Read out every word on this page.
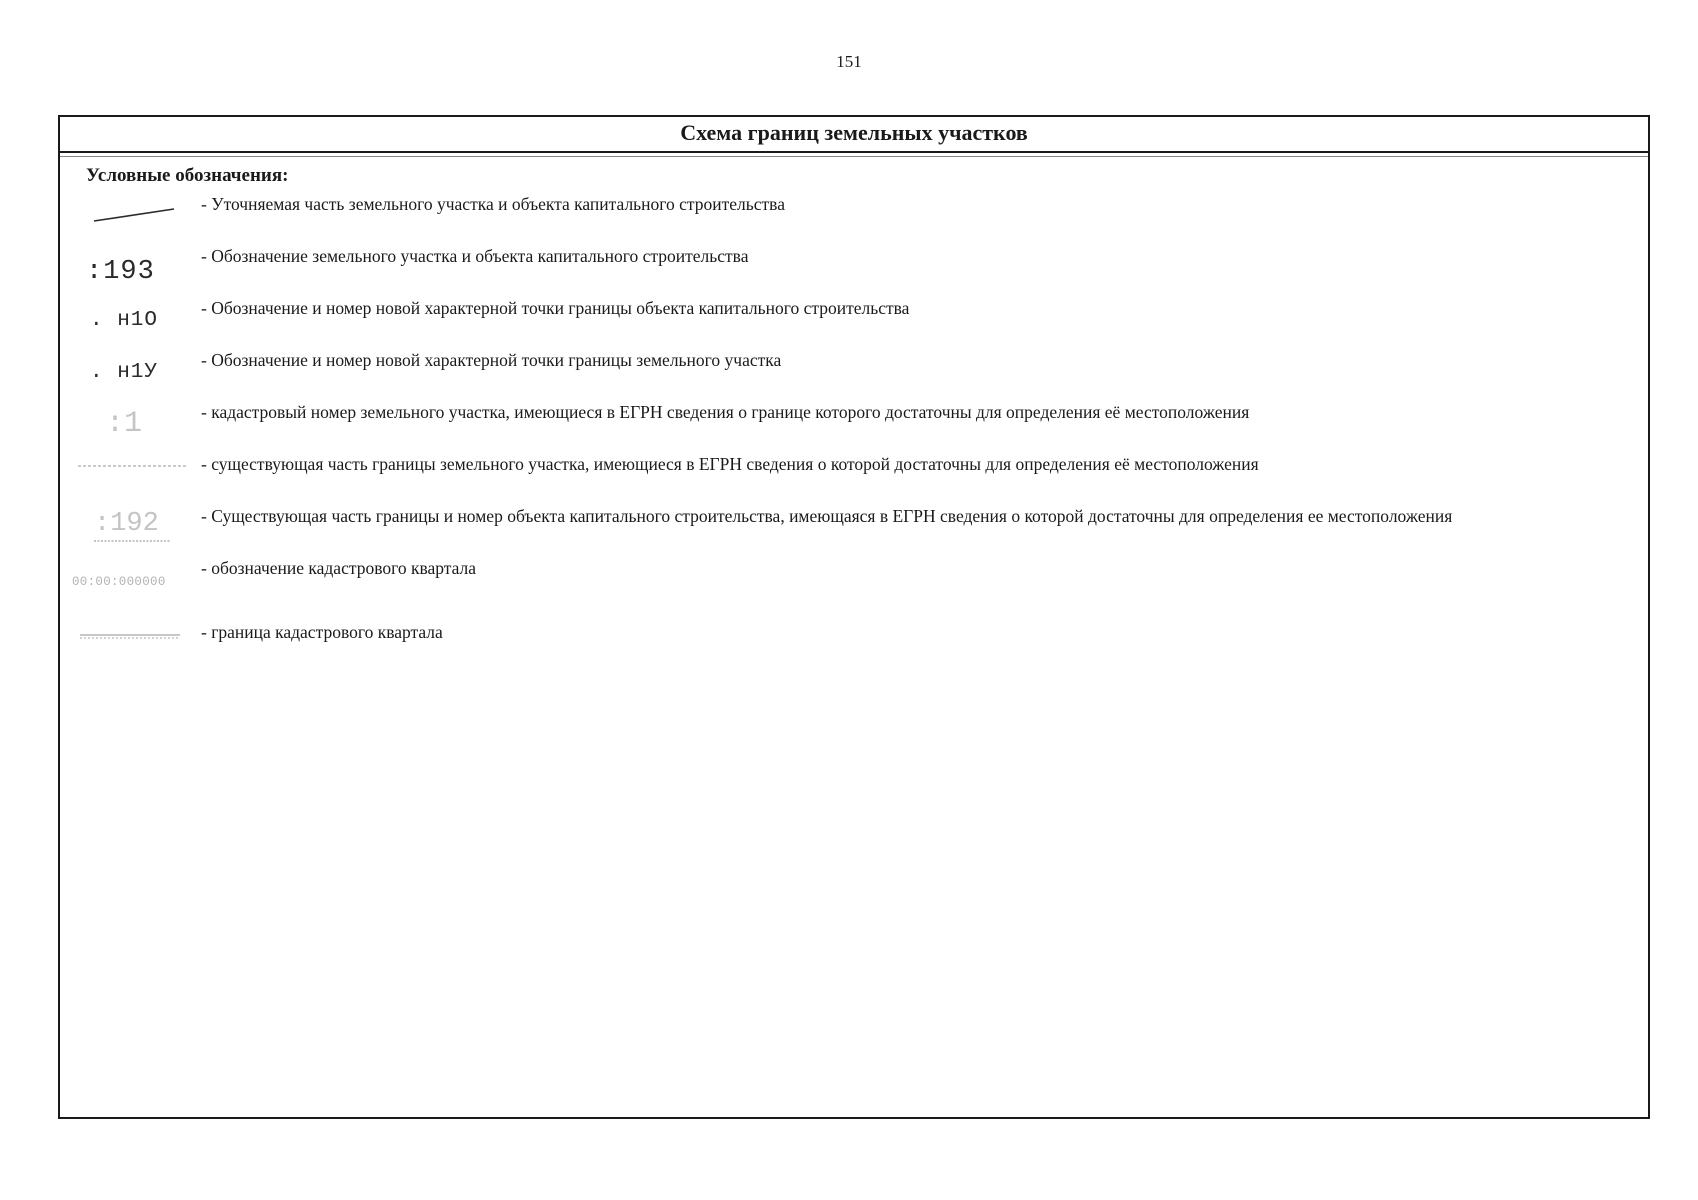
151
Схема границ земельных участков
Условные обозначения:
- Уточняемая часть земельного участка и объекта капитального строительства
:193
- Обозначение земельного участка и объекта капитального строительства
. н1О
- Обозначение и номер новой характерной точки границы объекта капитального строительства
. н1У
- Обозначение и номер новой характерной точки границы земельного участка
:1	- кадастровый номер земельного участка, имеющиеся в ЕГРН сведения о границе которого достаточны для определения её местоположения
- существующая часть границы земельного участка, имеющиеся в ЕГРН сведения о которой достаточны для определения её местоположения
:192 - Существующая часть границы и номер объекта капитального строительства, имеющаяся в ЕГРН сведения о которой достаточны для определения ее местоположения
00:00:000000
- обозначение кадастрового квартала
- граница кадастрового квартала
